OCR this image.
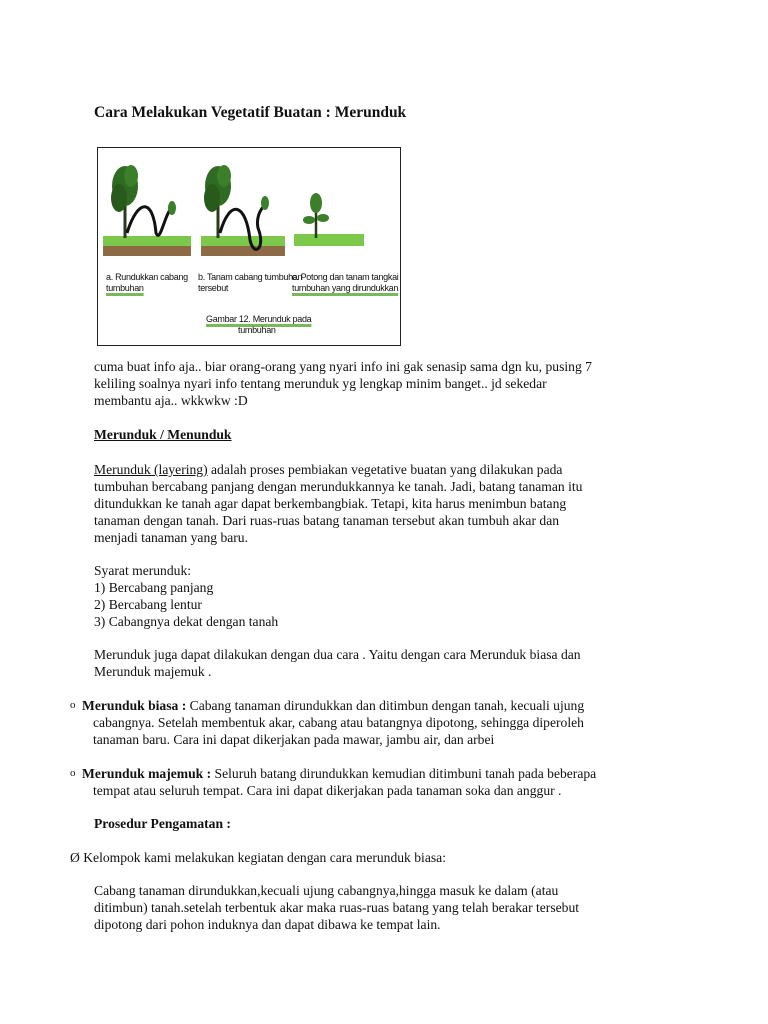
Cara Melakukan Vegetatif Buatan : Merunduk
a. Rundukkan cabang
tumbuhan
b. Tanam cabang tumbuhan
tersebut
c. Potong dan tanam tangkai
tumbuhan yang dirundukkan
Gambar 12. Merunduk pada
tumbuhan

cuma buat info aja.. biar orang-orang yang nyari info ini gak senasip sama dgn ku, pusing 7

keliling soalnya nyari info tentang merunduk yg lengkap minim banget.. jd sekedar

membantu aja.. wkkwkw :D

Merunduk / Menunduk

Merunduk (layering) adalah proses pembiakan vegetative buatan yang dilakukan pada

tumbuhan bercabang panjang dengan merundukkannya ke tanah. Jadi, batang tanaman itu

ditundukkan ke tanah agar dapat berkembangbiak. Tetapi, kita harus menimbun batang

tanaman dengan tanah. Dari ruas-ruas batang tanaman tersebut akan tumbuh akar dan

menjadi tanaman yang baru.

Syarat merunduk:

1) Bercabang panjang

2) Bercabang lentur

3) Cabangnya dekat dengan tanah

Merunduk juga dapat dilakukan dengan dua cara . Yaitu dengan cara Merunduk biasa dan

Merunduk majemuk .

o Merunduk biasa : Cabang tanaman dirundukkan dan ditimbun dengan tanah, kecuali ujung
cabangnya. Setelah membentuk akar, cabang atau batangnya dipotong, sehingga diperoleh
tanaman baru. Cara ini dapat dikerjakan pada mawar, jambu air, dan arbei
o Merunduk majemuk : Seluruh batang dirundukkan kemudian ditimbuni tanah pada beberapa
tempat atau seluruh tempat. Cara ini dapat dikerjakan pada tanaman soka dan anggur .
Prosedur Pengamatan :
Ø Kelompok kami melakukan kegiatan dengan cara merunduk biasa:

Cabang tanaman dirundukkan,kecuali ujung cabangnya,hingga masuk ke dalam (atau

ditimbun) tanah.setelah terbentuk akar maka ruas-ruas batang yang telah berakar tersebut

dipotong dari pohon induknya dan dapat dibawa ke tempat lain.
